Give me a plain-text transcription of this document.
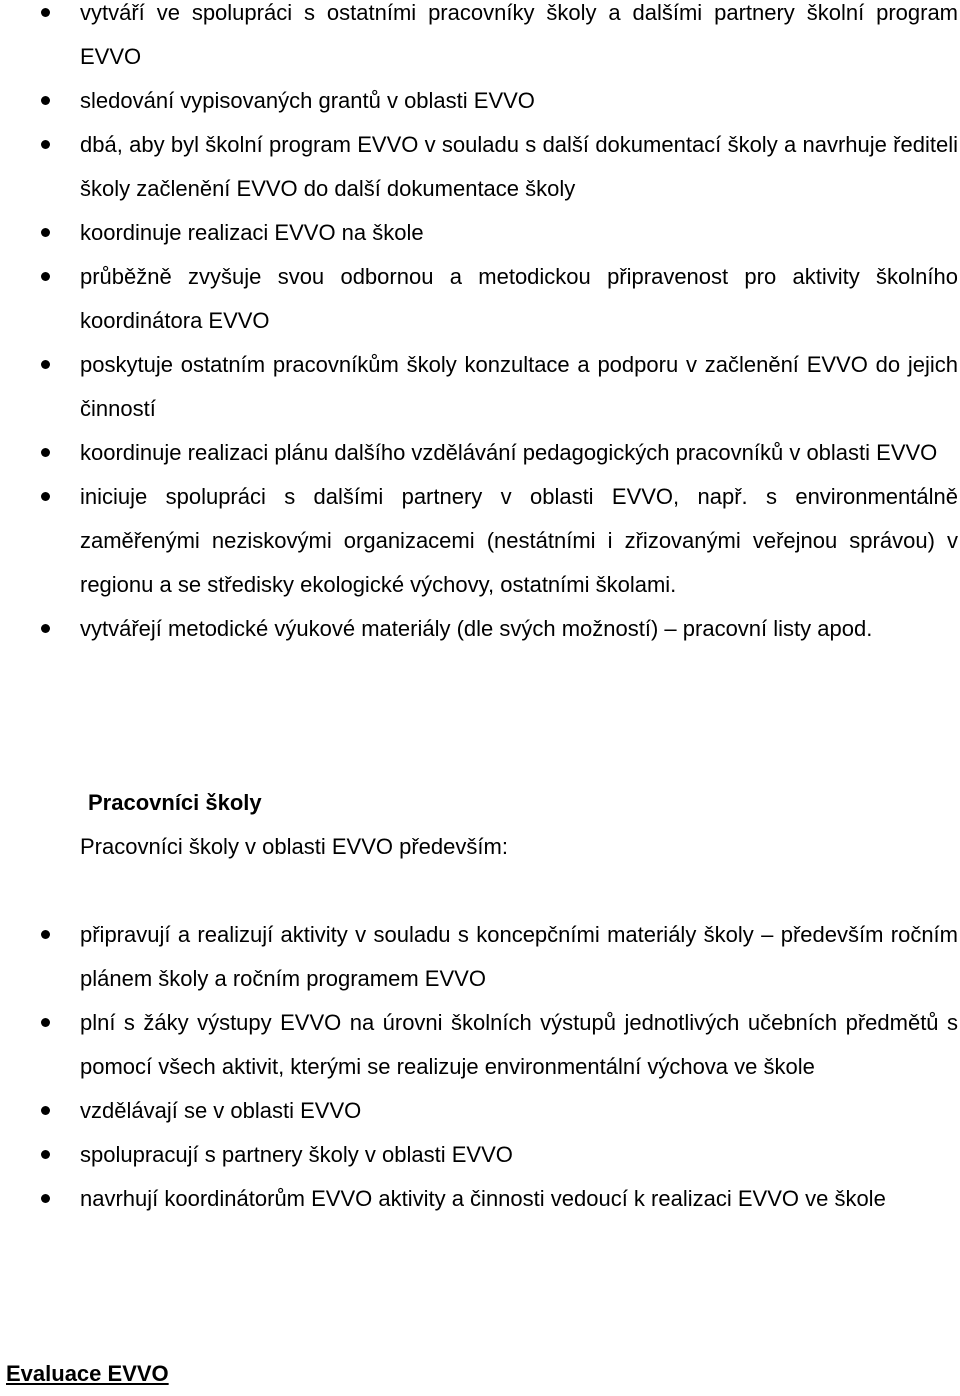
vytváří ve spolupráci s ostatními pracovníky školy a dalšími partnery školní program EVVO
sledování vypisovaných grantů v oblasti EVVO
dbá, aby byl školní program EVVO v souladu s další dokumentací školy a navrhuje řediteli školy začlenění EVVO do další dokumentace školy
koordinuje realizaci EVVO na škole
průběžně zvyšuje svou odbornou a metodickou připravenost pro aktivity školního koordinátora EVVO
poskytuje ostatním pracovníkům školy konzultace a podporu v začlenění EVVO do jejich činností
koordinuje realizaci plánu dalšího vzdělávání pedagogických pracovníků v oblasti EVVO
iniciuje spolupráci s dalšími partnery v oblasti EVVO, např. s environmentálně zaměřenými neziskovými organizacemi (nestátními i zřizovanými veřejnou správou) v regionu a se středisky ekologické výchovy, ostatními školami.
vytvářejí metodické výukové materiály (dle svých možností) – pracovní listy apod.
Pracovníci školy

Pracovníci školy v oblasti EVVO především:

připravují a realizují aktivity v souladu s koncepčními materiály školy – především ročním plánem školy a ročním programem EVVO
plní s žáky výstupy EVVO na úrovni školních výstupů jednotlivých učebních předmětů s pomocí všech aktivit, kterými se realizuje environmentální výchova ve škole
vzdělávají se v oblasti EVVO
spolupracují s partnery školy v oblasti EVVO
navrhují koordinátorům EVVO aktivity a činnosti vedoucí k realizaci EVVO ve škole
Evaluace EVVO
